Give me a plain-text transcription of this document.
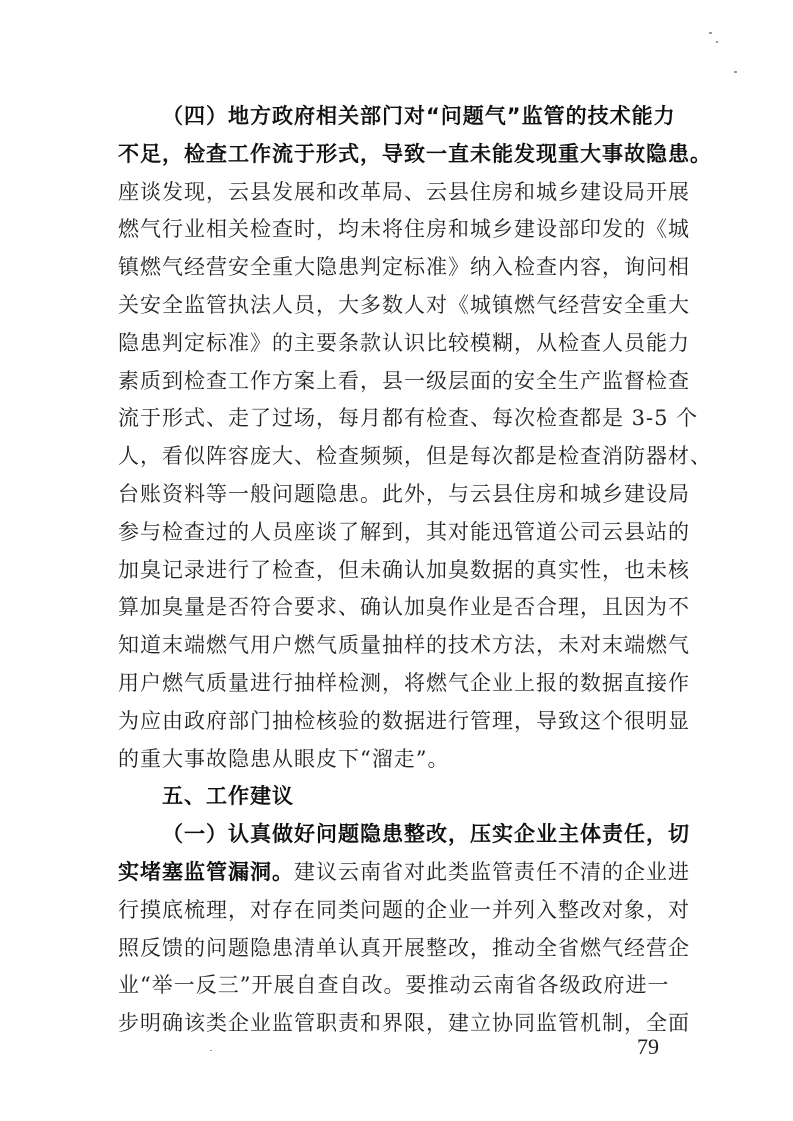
（四）地方政府相关部门对“问题气”监管的技术能力
不足，检查工作流于形式，导致一直未能发现重大事故隐患。
座谈发现，云县发展和改革局、云县住房和城乡建设局开展
燃气行业相关检查时，均未将住房和城乡建设部印发的《城
镇燃气经营安全重大隐患判定标准》纳入检查内容，询问相
关安全监管执法人员，大多数人对《城镇燃气经营安全重大
隐患判定标准》的主要条款认识比较模糊，从检查人员能力
素质到检查工作方案上看，县一级层面的安全生产监督检查
流于形式、走了过场，每月都有检查、每次检查都是 3-5 个
人，看似阵容庞大、检查频频，但是每次都是检查消防器材、
台账资料等一般问题隐患。此外，与云县住房和城乡建设局
参与检查过的人员座谈了解到，其对能迅管道公司云县站的
加臭记录进行了检查，但未确认加臭数据的真实性，也未核
算加臭量是否符合要求、确认加臭作业是否合理，且因为不
知道末端燃气用户燃气质量抽样的技术方法，未对末端燃气
用户燃气质量进行抽样检测，将燃气企业上报的数据直接作
为应由政府部门抽检核验的数据进行管理，导致这个很明显
的重大事故隐患从眼皮下“溜走”。
五、工作建议
（一）认真做好问题隐患整改，压实企业主体责任，切
实堵塞监管漏洞。建议云南省对此类监管责任不清的企业进
行摸底梳理，对存在同类问题的企业一并列入整改对象，对
照反馈的问题隐患清单认真开展整改，推动全省燃气经营企
业“举一反三”开展自查自改。要推动云南省各级政府进一
步明确该类企业监管职责和界限，建立协同监管机制，全面
79
